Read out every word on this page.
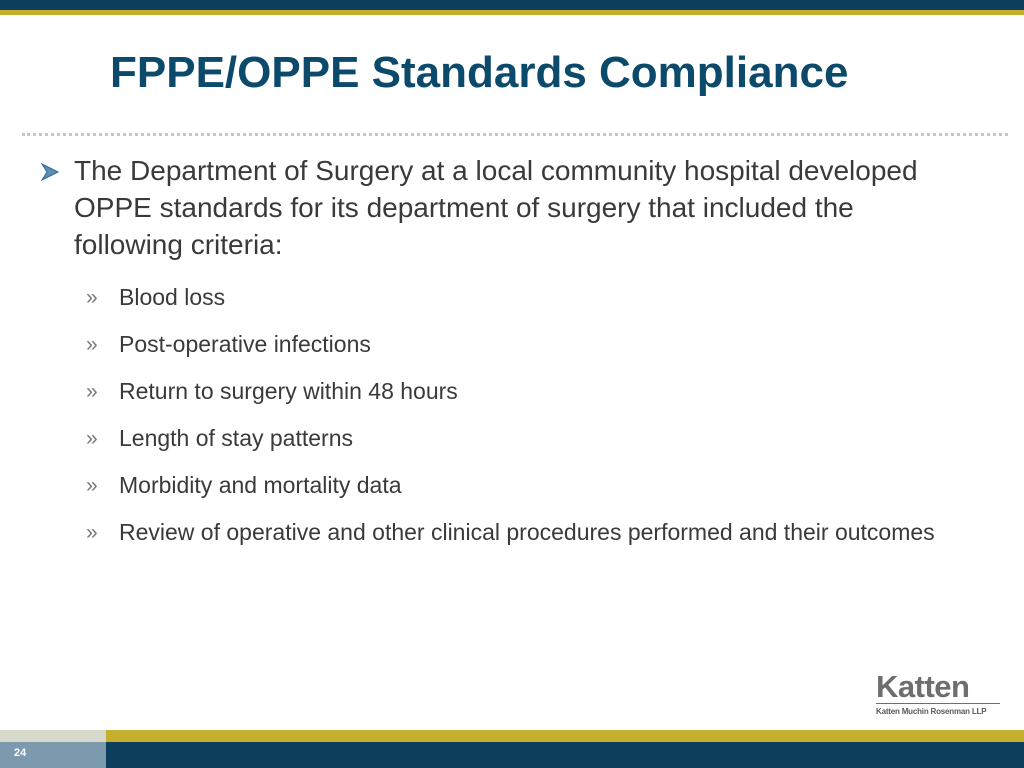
FPPE/OPPE Standards Compliance

The Department of Surgery at a local community hospital developed OPPE standards for its department of surgery that included the following criteria:

» Blood loss
» Post-operative infections
» Return to surgery within 48 hours
» Length of stay patterns
» Morbidity and mortality data
» Review of operative and other clinical procedures performed and their outcomes
Katten
Katten Muchin Rosenman LLP
24
